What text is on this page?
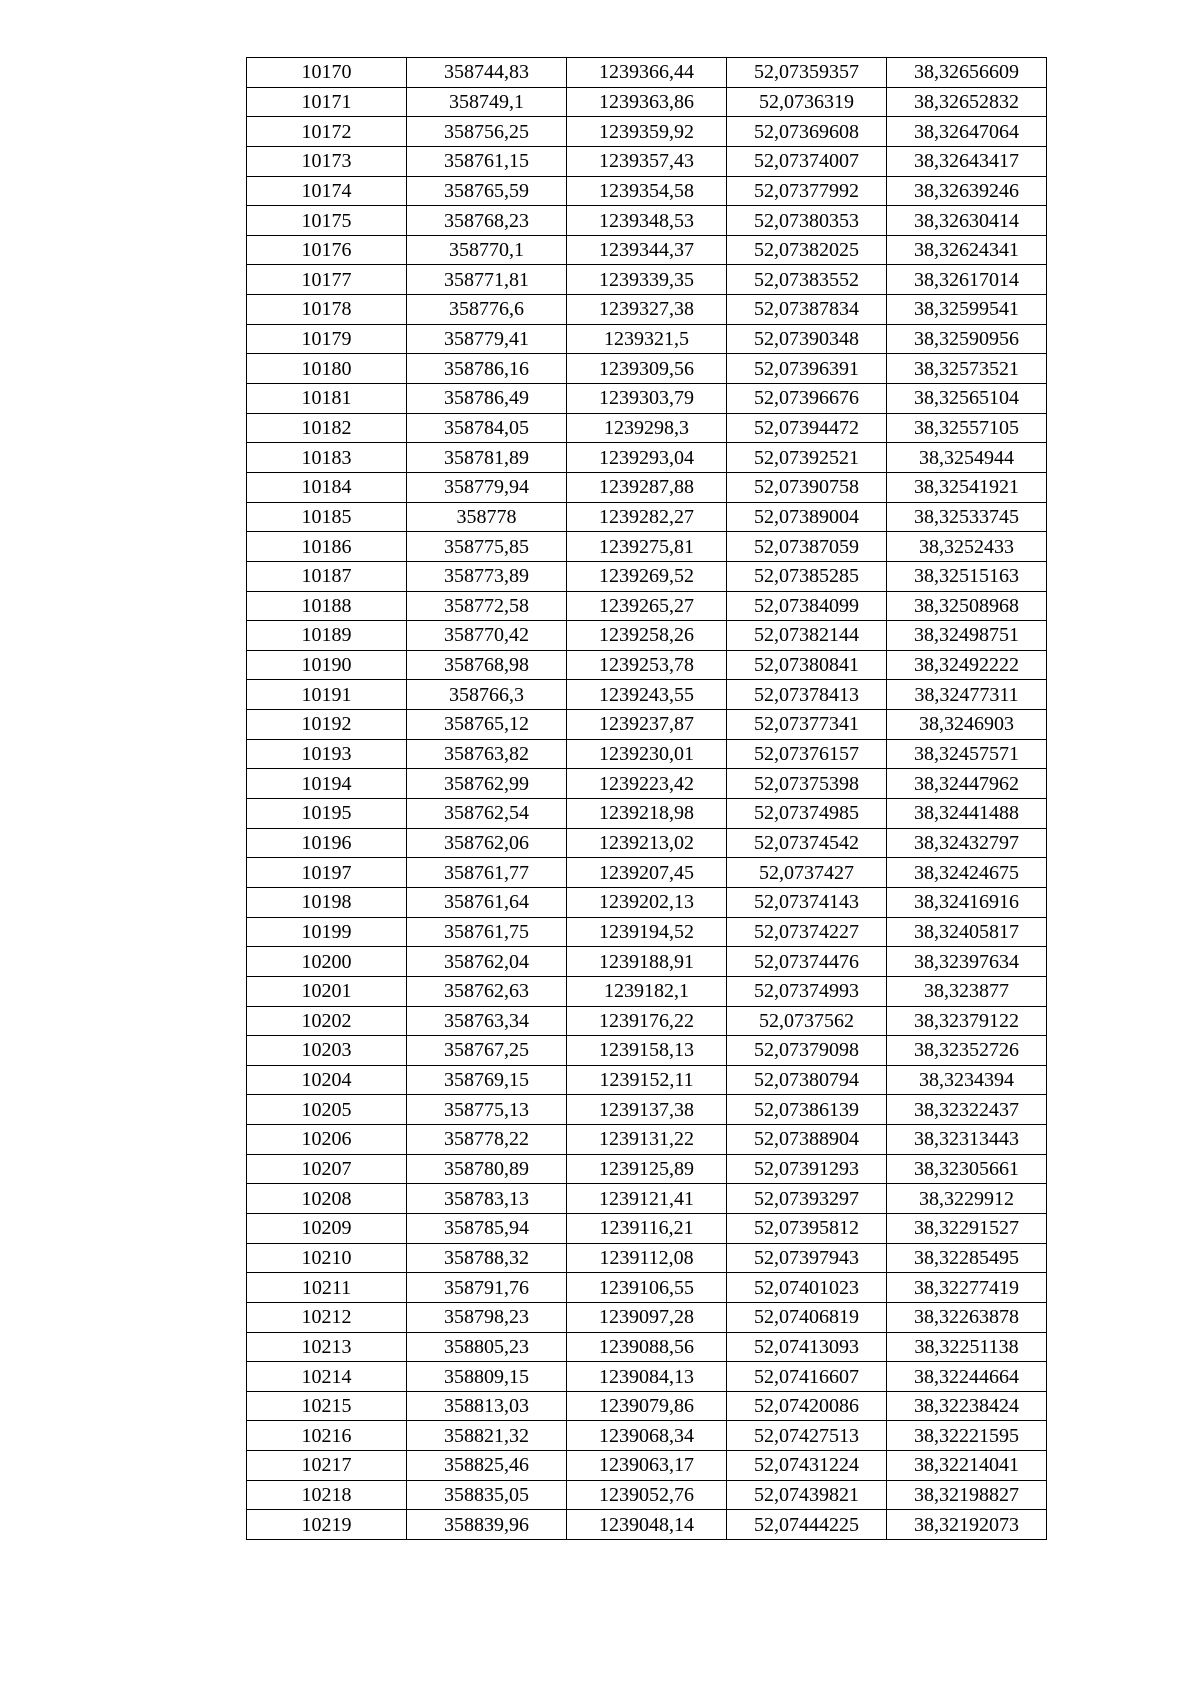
10170	358744,83	1239366,44	52,07359357	38,32656609
10171	358749,1	1239363,86	52,0736319	38,32652832
10172	358756,25	1239359,92	52,07369608	38,32647064
10173	358761,15	1239357,43	52,07374007	38,32643417
10174	358765,59	1239354,58	52,07377992	38,32639246
10175	358768,23	1239348,53	52,07380353	38,32630414
10176	358770,1	1239344,37	52,07382025	38,32624341
10177	358771,81	1239339,35	52,07383552	38,32617014
10178	358776,6	1239327,38	52,07387834	38,32599541
10179	358779,41	1239321,5	52,07390348	38,32590956
10180	358786,16	1239309,56	52,07396391	38,32573521
10181	358786,49	1239303,79	52,07396676	38,32565104
10182	358784,05	1239298,3	52,07394472	38,32557105
10183	358781,89	1239293,04	52,07392521	38,3254944
10184	358779,94	1239287,88	52,07390758	38,32541921
10185	358778	1239282,27	52,07389004	38,32533745
10186	358775,85	1239275,81	52,07387059	38,3252433
10187	358773,89	1239269,52	52,07385285	38,32515163
10188	358772,58	1239265,27	52,07384099	38,32508968
10189	358770,42	1239258,26	52,07382144	38,32498751
10190	358768,98	1239253,78	52,07380841	38,32492222
10191	358766,3	1239243,55	52,07378413	38,32477311
10192	358765,12	1239237,87	52,07377341	38,3246903
10193	358763,82	1239230,01	52,07376157	38,32457571
10194	358762,99	1239223,42	52,07375398	38,32447962
10195	358762,54	1239218,98	52,07374985	38,32441488
10196	358762,06	1239213,02	52,07374542	38,32432797
10197	358761,77	1239207,45	52,0737427	38,32424675
10198	358761,64	1239202,13	52,07374143	38,32416916
10199	358761,75	1239194,52	52,07374227	38,32405817
10200	358762,04	1239188,91	52,07374476	38,32397634
10201	358762,63	1239182,1	52,07374993	38,323877
10202	358763,34	1239176,22	52,0737562	38,32379122
10203	358767,25	1239158,13	52,07379098	38,32352726
10204	358769,15	1239152,11	52,07380794	38,3234394
10205	358775,13	1239137,38	52,07386139	38,32322437
10206	358778,22	1239131,22	52,07388904	38,32313443
10207	358780,89	1239125,89	52,07391293	38,32305661
10208	358783,13	1239121,41	52,07393297	38,3229912
10209	358785,94	1239116,21	52,07395812	38,32291527
10210	358788,32	1239112,08	52,07397943	38,32285495
10211	358791,76	1239106,55	52,07401023	38,32277419
10212	358798,23	1239097,28	52,07406819	38,32263878
10213	358805,23	1239088,56	52,07413093	38,32251138
10214	358809,15	1239084,13	52,07416607	38,32244664
10215	358813,03	1239079,86	52,07420086	38,32238424
10216	358821,32	1239068,34	52,07427513	38,32221595
10217	358825,46	1239063,17	52,07431224	38,32214041
10218	358835,05	1239052,76	52,07439821	38,32198827
10219	358839,96	1239048,14	52,07444225	38,32192073
